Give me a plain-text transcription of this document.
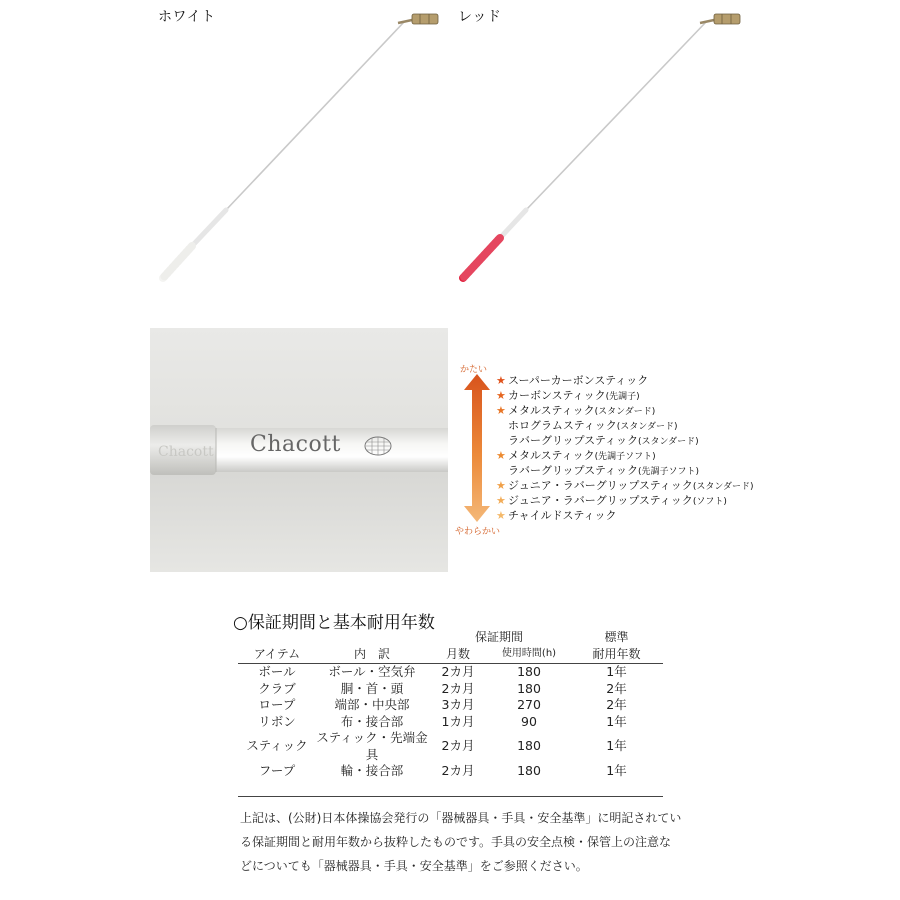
ホワイト	レッド
Chacott Chacott
かたい
やわらかい
★ スーパーカーボンスティック
★ カーボンスティック(先調子)
★ メタルスティック(スタンダード)
ホログラムスティック(スタンダード)
ラバーグリップスティック(スタンダード)
★ メタルスティック(先調子ソフト)
ラバーグリップスティック(先調子ソフト)
★ ジュニア・ラバーグリップスティック(スタンダード)
★ ジュニア・ラバーグリップスティック(ソフト)
★ チャイルドスティック
○保証期間と基本耐用年数
		保証期間		標準
アイテム	内　訳	月数	使用時間(h)	耐用年数
ボール	ボール・空気弁	2カ月	180	1年
クラブ	胴・首・頭	2カ月	180	2年
ロープ	端部・中央部	3カ月	270	2年
リボン	布・接合部	1カ月	90	1年
スティック	スティック・先端金具	2カ月	180	1年
フープ	輪・接合部	2カ月	180	1年

上記は、(公財)日本体操協会発行の「器械器具・手具・安全基準」に明記されてい

る保証期間と耐用年数から抜粋したものです。手具の安全点検・保管上の注意な

どについても「器械器具・手具・安全基準」をご参照ください。
